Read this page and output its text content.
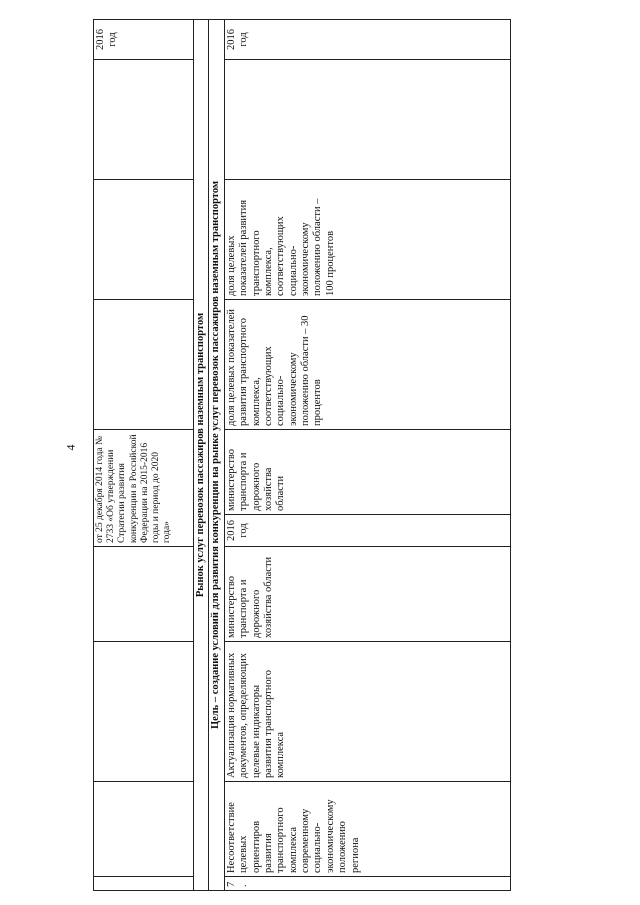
4
				от 25 декабря 2014 года № 2733 «Об утверждении Стратегии развития конкуренции в Российской Федерации на 2015-2016 годы и период до 2020 года»					2016 год
Рынок услуг перевозок пассажиров наземным транспортом									
Цель – создание условий для развития конкуренции на рынке услуг перевозок пассажиров наземным транспортом									
7.	Несоответствие целевых ориентиров развития транспортного комплекса современному социально-экономическому положению региона	Актуализация нормативных документов, определяющих целевые индикаторы развития транспортного комплекса	министерство транспорта и дорожного хозяйства области	2016 год	министерство транспорта и дорожного хозяйства области	доля целевых показателей развития транспортного комплекса, соответствующих социально-экономическому положению области – 30 процентов	доля целевых показателей развития транспортного комплекса, соответствующих социально-экономическому положению области – 100 процентов		2016 год
